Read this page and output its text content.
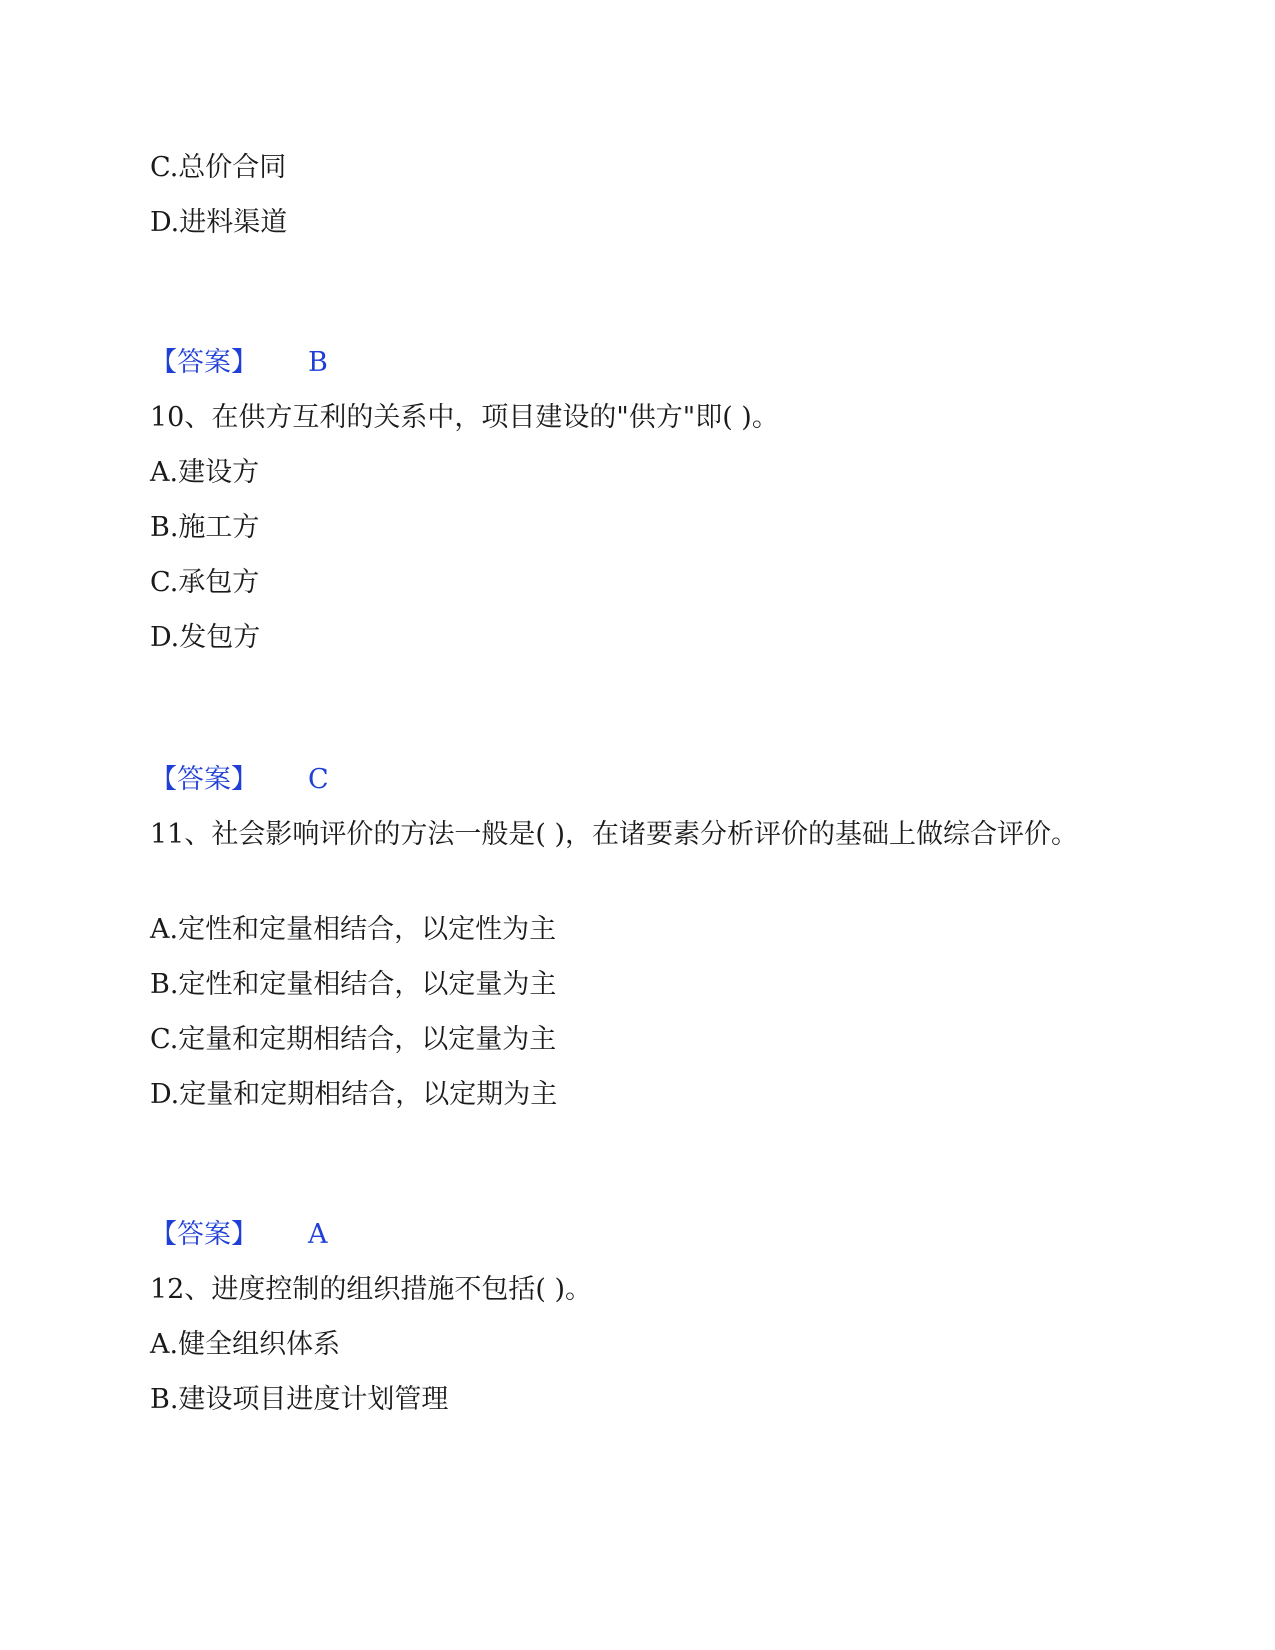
C.总价合同
D.进料渠道
【答案】 B
10、在供方互利的关系中，项目建设的"供方"即( )。
A.建设方
B.施工方
C.承包方
D.发包方
【答案】 C
11、社会影响评价的方法一般是( )，在诸要素分析评价的基础上做综合评价。
A.定性和定量相结合，以定性为主
B.定性和定量相结合，以定量为主
C.定量和定期相结合，以定量为主
D.定量和定期相结合，以定期为主
【答案】 A
12、进度控制的组织措施不包括( )。
A.健全组织体系
B.建设项目进度计划管理
